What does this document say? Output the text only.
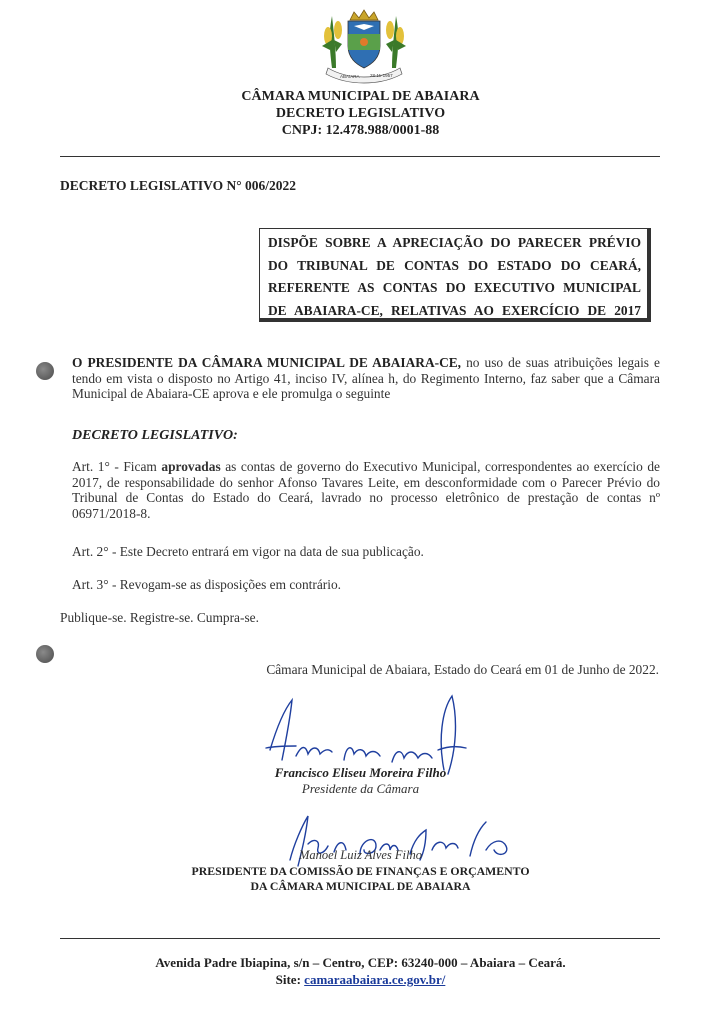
ABAIARA 28-11-1957
CÂMARA MUNICIPAL DE ABAIARA
DECRETO LEGISLATIVO
CNPJ: 12.478.988/0001-88
DECRETO LEGISLATIVO N° 006/2022
DISPÕE SOBRE A APRECIAÇÃO DO PARECER PRÉVIO
DO TRIBUNAL DE CONTAS DO ESTADO DO CEARÁ,
REFERENTE AS CONTAS DO EXECUTIVO MUNICIPAL
DE ABAIARA-CE, RELATIVAS AO EXERCÍCIO DE 2017
O PRESIDENTE DA CÂMARA MUNICIPAL DE ABAIARA-CE, no uso de suas atribuições legais e tendo em vista o disposto no Artigo 41, inciso IV, alínea h, do Regimento Interno, faz saber que a Câmara Municipal de Abaiara-CE aprova e ele promulga o seguinte
DECRETO LEGISLATIVO:
Art. 1° - Ficam aprovadas as contas de governo do Executivo Municipal, correspondentes ao exercício de 2017, de responsabilidade do senhor Afonso Tavares Leite, em desconformidade com o Parecer Prévio do Tribunal de Contas do Estado do Ceará, lavrado no processo eletrônico de prestação de contas nº 06971/2018-8.
Art. 2° - Este Decreto entrará em vigor na data de sua publicação.
Art. 3° - Revogam-se as disposições em contrário.
Publique-se. Registre-se. Cumpra-se.
Câmara Municipal de Abaiara, Estado do Ceará em 01 de Junho de 2022.
Francisco Eliseu Moreira Filho
Presidente da Câmara
Manoel Luiz Alves Filho
PRESIDENTE DA COMISSÃO DE FINANÇAS E ORÇAMENTO
DA CÂMARA MUNICIPAL DE ABAIARA
Avenida Padre Ibiapina, s/n – Centro, CEP: 63240-000 – Abaiara – Ceará.
Site: camaraabaiara.ce.gov.br/
